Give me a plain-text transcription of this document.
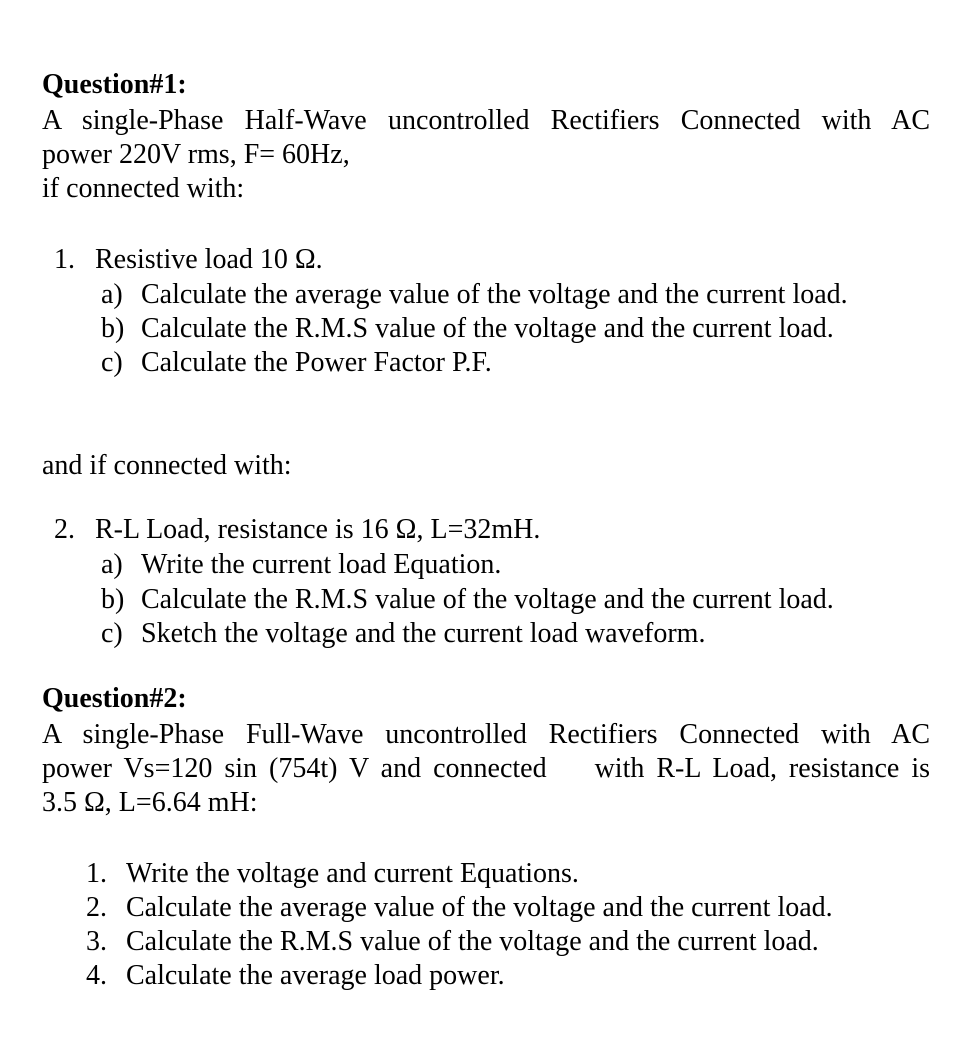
Question#1:
A single-Phase Half-Wave uncontrolled Rectifiers Connected with AC
power 220V rms, F= 60Hz,
if connected with:
1. Resistive load 10 Ω.
a) Calculate the average value of the voltage and the current load.
b) Calculate the R.M.S value of the voltage and the current load.
c) Calculate the Power Factor P.F.
and if connected with:
2. R-L Load, resistance is 16 Ω, L=32mH.
a) Write the current load Equation.
b) Calculate the R.M.S value of the voltage and the current load.
c) Sketch the voltage and the current load waveform.
Question#2:
A single-Phase Full-Wave uncontrolled Rectifiers Connected with AC
power Vs=120 sin (754t) V and connected    with R-L Load, resistance is
3.5 Ω, L=6.64 mH:
1. Write the voltage and current Equations.
2. Calculate the average value of the voltage and the current load.
3. Calculate the R.M.S value of the voltage and the current load.
4. Calculate the average load power.
